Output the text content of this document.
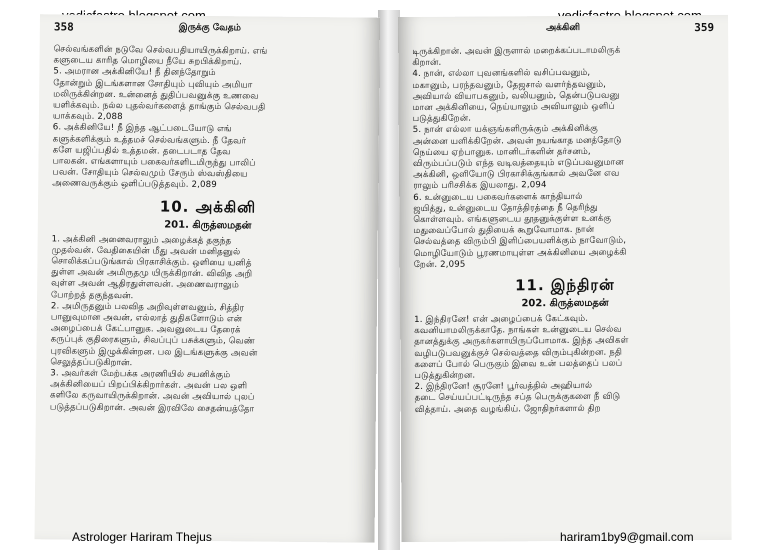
358	இருக்கு வேதம்
செல்வங்களின் நடுவே செல்வபதியாயிருக்கிறாய். எங்
களுடைய காரித மொழியை நீயே சுறபிக்கிறாய்.
5. அமரான அக்கினியே! நீ தினந்தோறும்
தோன்றும் இடங்களான சோதியும் புவியும் அமியா
மலிருக்கின்றன. உன்னைத் துதிப்பவனுக்கு உணவை
யளிக்கவும். நல்ல புதல்வர்களைத் தாங்கும் செல்வபதி
யாக்கவும். 2,088
6. அக்கினியே! நீ இந்த ஆட்படையோடு எங்
களுக்களிக்கும் உத்தமச் செல்வங்களும். நீ தேவர்
களே யஜிப்பதில் உத்தமன். தடைபடாத தேவ
பாலகன். எங்களாயும் பகைவர்களிடமிருந்து பாலிப்
பவன். சோதியும் செல்வமும் சேரும் ஸ்வஸ்தியை
அணைவருக்கும் ஒளிப்படுத்தவும். 2,089
10. அக்கினி
201. கிருத்ஸமதன்
1. அக்கினி அனைவராலும் அழைக்கத் தகுந்த
முதல்வன். வேதிகையின் மீது அவன் மனிதனுல்
சொலிக்கப்படுங்கால் பிரகாசிக்கும். ஒளியை யனித்
துள்ள அவன் அமிருதமு யிருக்கிறான். விவித அறி
வுள்ள அவன் ஆதிரதுள்ளவன். அணைவராலும்
போற்றத் தகுந்தவன்.
2. அமிருதனும் பலவித அறிவுள்ளவனும், சித்திர
பானுவுமான அவன், எல்லாத் துதிகளோடும் என்
அழைப்பைக் கேட்பானுக. அவனுடைய தேரைக்
கருப்புக் குதிரைகளும், சிவப்புப் பசுக்களும், வெண்
புரவிகளும் இழுக்கின்றன. பல இடங்களுக்கு அவன்
செலுத்தப்படுகிறான்.
3. அவர்கள் மேற்பக்க அரணியில் சயனிக்கும்
அக்கினியைப் பிறப்பிக்கிறார்கள். அவன் பல ஒளி
களிலே கருவாயிருக்கிறான். அவன் அவியால் புலப்
படுத்தப்படுகிறான். அவன் இரவிலே சைதன்யத்தோ
அக்கினி	359
டிருக்கிறான். அவன் இருளால் மறைக்கப்படாமலிருக்
கிறான்.
4. நான், எல்லா புவனங்களில் வசிப்பவனும்,
மகானும், பரந்தவனும், தேஜசால் வளர்ந்தவனும்,
அவியால் வியாபகனும், வலியனும், தென்படுபவனு
மான அக்கினியை, நெய்யாலும் அவியாலும் ஒளிப்
படுத்துகிறேன்.
5. நான் எல்லா யக்ஞங்களிருக்கும் அக்கினிக்கு
அன்னை யளிக்கிறேன். அவன் நயங்காத மனத்தோடு
நெய்யை ஏற்பானுக. மானிடர்களின் தர்சனம்,
விரும்பப்படும் எந்த வடிவத்தையும் எடுப்பவனுமான
அக்கினி, ஒளியோடு பிரகாசிக்குங்கால் அவனே எவ
ராலும் பரிசசிக்க இயலாது. 2,094
6. உன்னுடைய பகைவர்களைக் காந்தியால்
ஜயித்து, உன்னுடைய தோத்திரத்தை நீ தெரிந்து
கொள்ளவும். எங்களுடைய தூதனுக்குள்ள உனக்கு
மதுவைப்போல் துதியைக் கூறுவோமாக. நான்
செல்வத்தை விரும்பி இளிப்பையளிக்கும் நாவோடும்,
மொழியோடும் பூரணமாயுள்ள அக்கினியை அழைக்கி
றேன். 2,095
11. இந்திரன்
202. கிருத்ஸமதன்
1. இந்திரனே! என் அழைப்பைக் கேட்கவும்.
கவனியாமலிருக்காதே. நாங்கள் உன்னுடைய செல்வ
தானத்துக்கு அருகர்களாயிருப்போமாக. இந்த அவிகள்
வழிபடுபவனுக்குச் செல்வத்தை விரும்புகின்றன. நதி
களைப் போல் பெருகும் இவை உன் பலத்தைப் பலப்
படுத்துகின்றன.
2. இந்திரனே! சூரனே! பூர்வத்தில் அஹியால்
தடை செய்யப்பட்டிருந்த சப்த பெருக்குகளை நீ விடு
வித்தாய். அதை வழங்கிய். ஜோதிநர்களால் திற
Astrologer Hariram Thejus	hariram1by9@gmail.com
